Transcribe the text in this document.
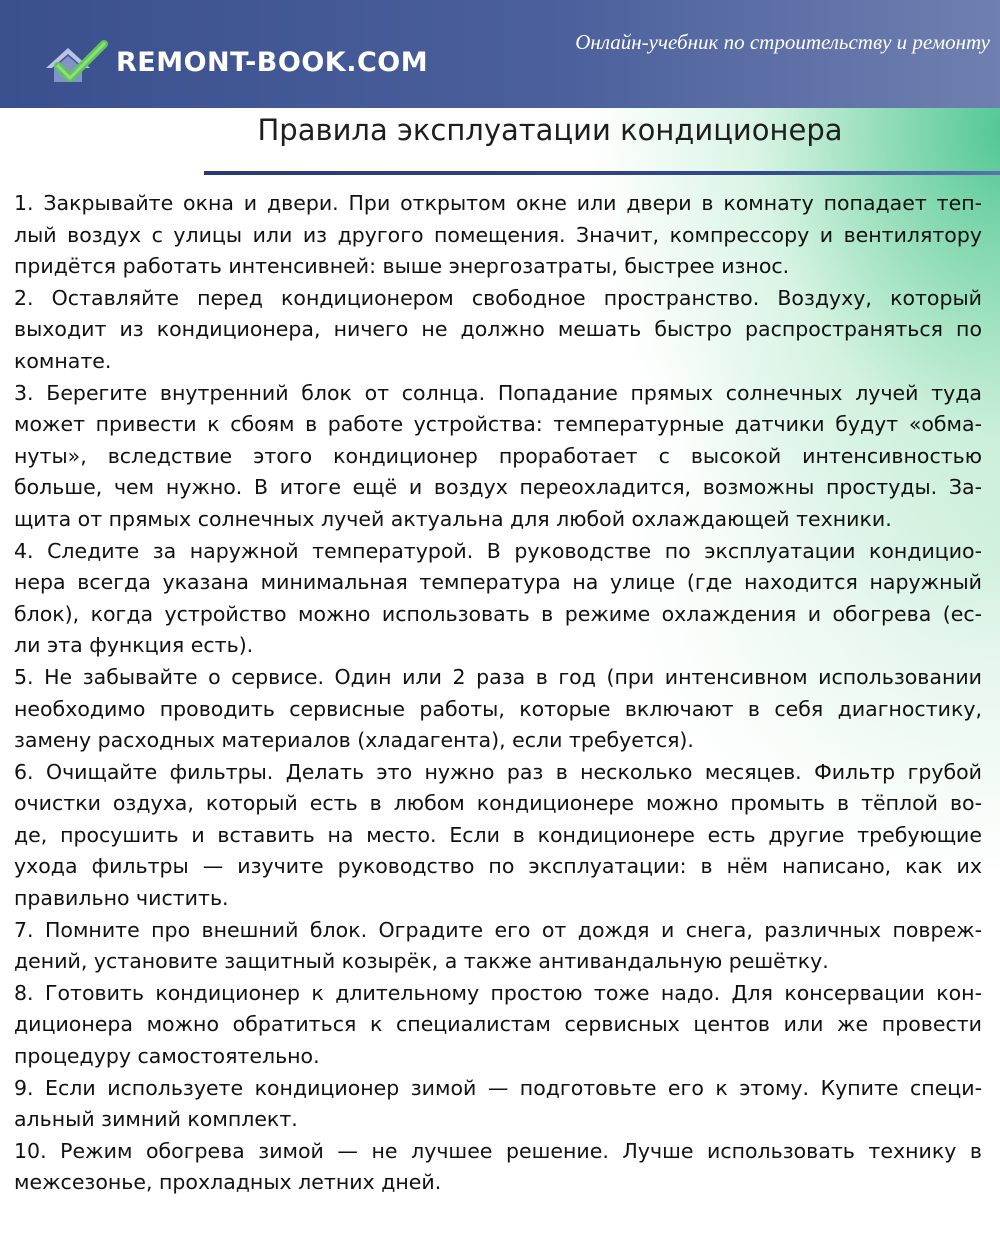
REMONT-BOOK.COM
Онлайн-учебник по строительству и ремонту
Правила эксплуатации кондиционера
1. Закрывайте окна и двери. При открытом окне или двери в комнату попадает теп-
лый воздух с улицы или из другого помещения. Значит, компрессору и вентилятору
придётся работать интенсивней: выше энергозатраты, быстрее износ.
2. Оставляйте перед кондиционером свободное пространство. Воздуху, который
выходит из кондиционера, ничего не должно мешать быстро распространяться по
комнате.
3. Берегите внутренний блок от солнца. Попадание прямых солнечных лучей туда
может привести к сбоям в работе устройства: температурные датчики будут «обма-
нуты», вследствие этого кондиционер проработает с высокой интенсивностью
больше, чем нужно. В итоге ещё и воздух переохладится, возможны простуды. За-
щита от прямых солнечных лучей актуальна для любой охлаждающей техники.
4. Следите за наружной температурой. В руководстве по эксплуатации кондицио-
нера всегда указана минимальная температура на улице (где находится наружный
блок), когда устройство можно использовать в режиме охлаждения и обогрева (ес-
ли эта функция есть).
5. Не забывайте о сервисе. Один или 2 раза в год (при интенсивном использовании
необходимо проводить сервисные работы, которые включают в себя диагностику,
замену расходных материалов (хладагента), если требуется).
6. Очищайте фильтры. Делать это нужно раз в несколько месяцев. Фильтр грубой
очистки оздуха, который есть в любом кондиционере можно промыть в тёплой во-
де, просушить и вставить на место. Если в кондиционере есть другие требующие
ухода фильтры — изучите руководство по эксплуатации: в нём написано, как их
правильно чистить.
7. Помните про внешний блок. Оградите его от дождя и снега, различных повреж-
дений, установите защитный козырёк, а также антивандальную решётку.
8. Готовить кондиционер к длительному простою тоже надо. Для консервации кон-
диционера можно обратиться к специалистам сервисных центов или же провести
процедуру самостоятельно.
9. Если используете кондиционер зимой — подготовьте его к этому. Купите специ-
альный зимний комплект.
10. Режим обогрева зимой — не лучшее решение. Лучше использовать технику в
межсезонье, прохладных летних дней.
